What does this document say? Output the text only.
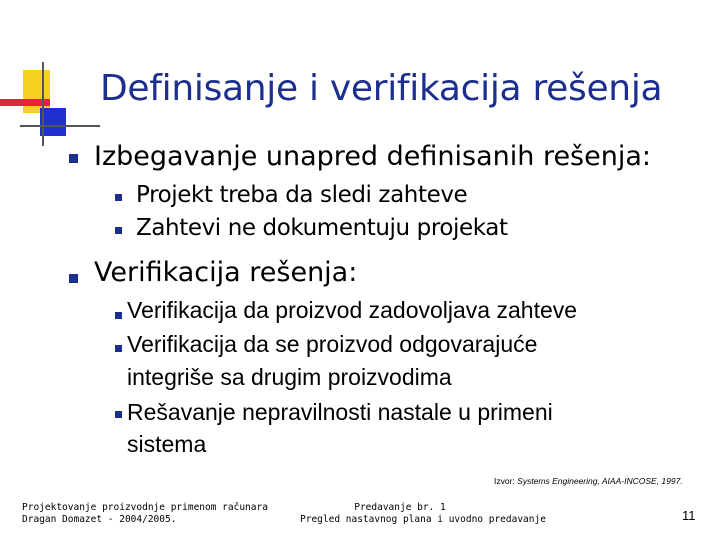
Definisanje i verifikacija rešenja
Izbegavanje unapred definisanih rešenja:
Projekt treba da sledi zahteve
Zahtevi ne dokumentuju projekat
Verifikacija rešenja:
Verifikacija da proizvod zadovoljava zahteve
Verifikacija da se proizvod odgovarajuće
integriše sa drugim proizvodima
Rešavanje nepravilnosti nastale u primeni
sistema
Izvor: Systems Engineering, AIAA-INCOSE, 1997.
Projektovanje proizvodnje primenom računara
Dragan Domazet - 2004/2005.
Predavanje br. 1
Pregled nastavnog plana i uvodno predavanje	11
